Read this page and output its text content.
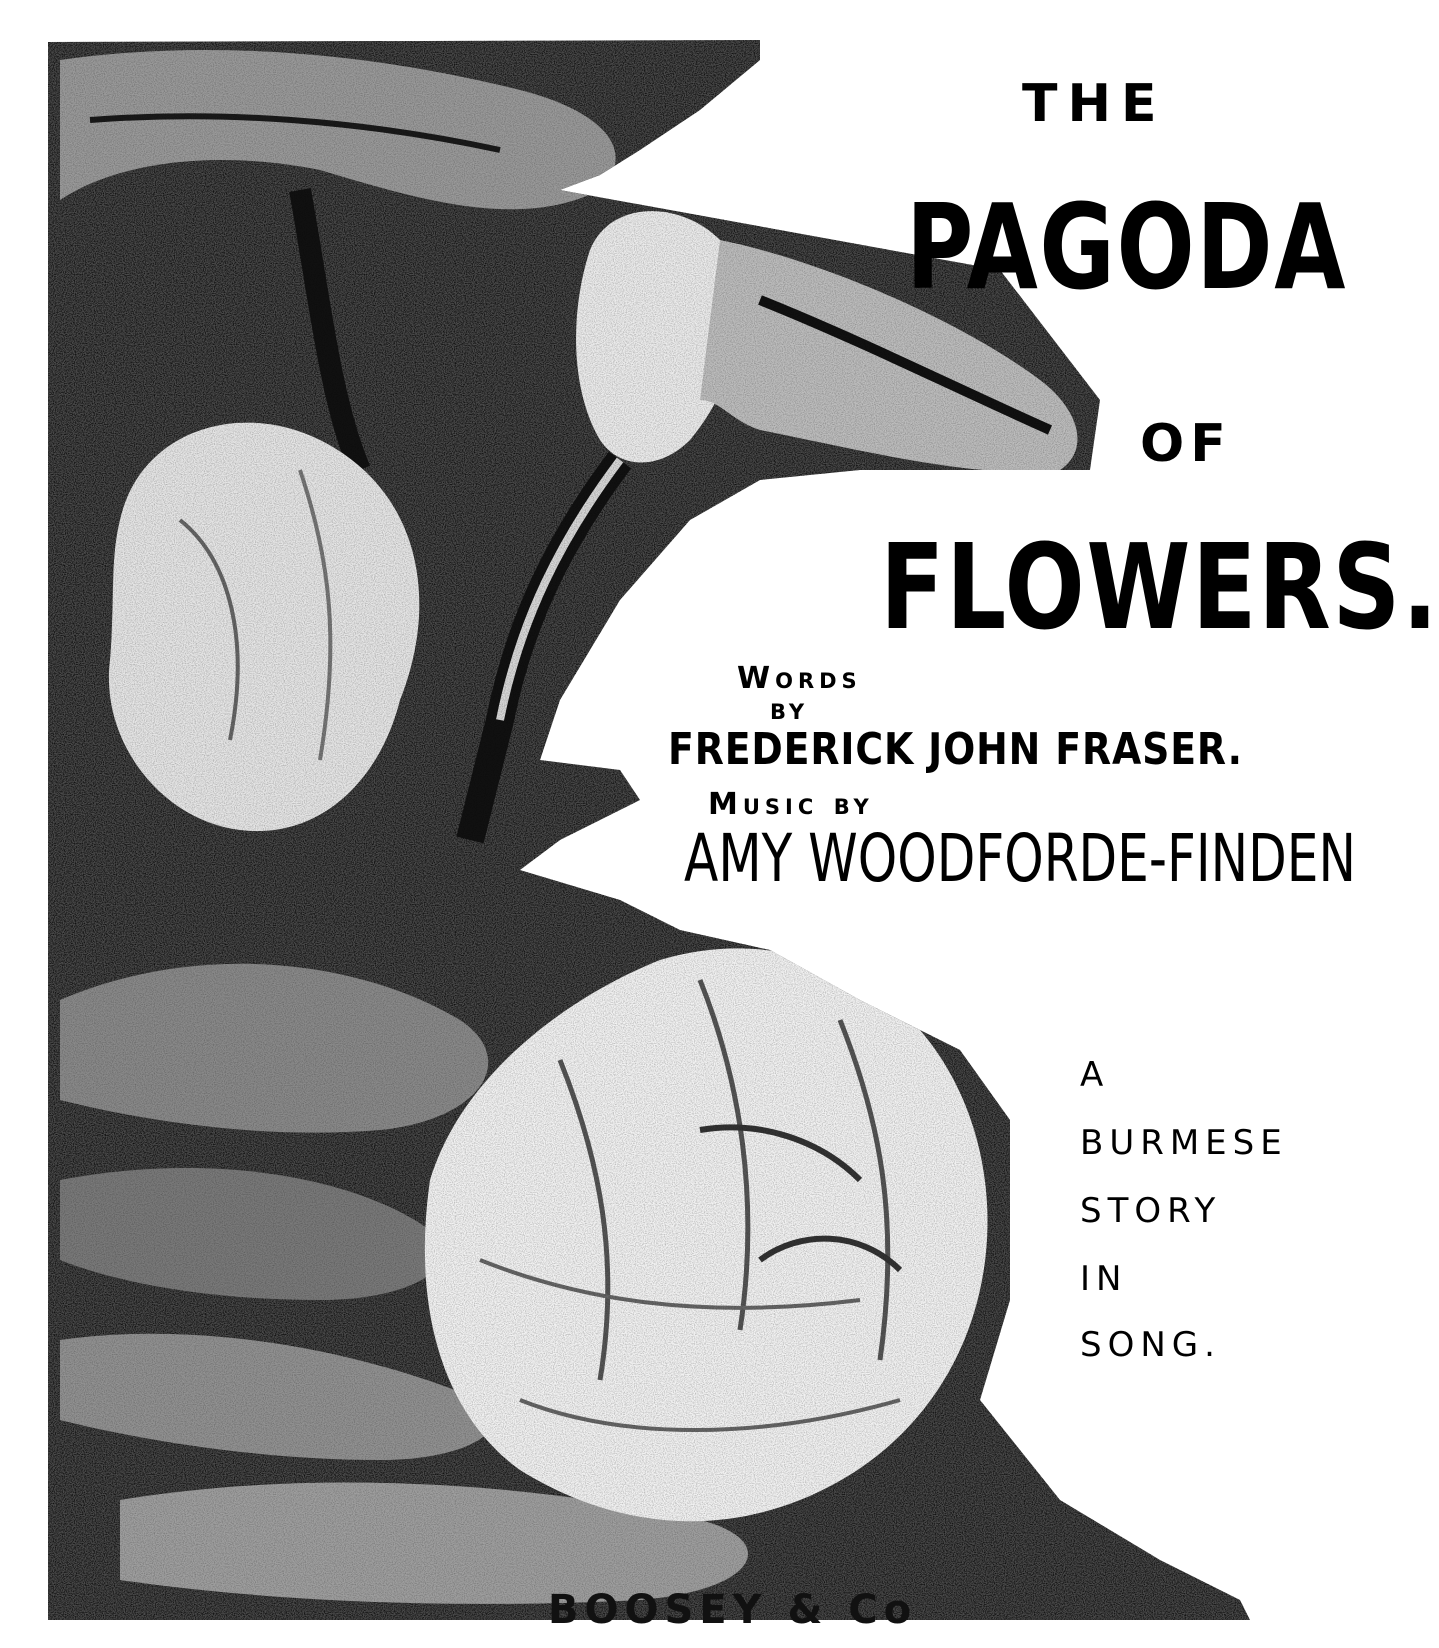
THE
PAGODA
OF
FLOWERS.
Words
BY
FREDERICK JOHN FRASER.
Music by
AMY WOODFORDE-FINDEN
A
BURMESE
STORY
IN
SONG.
BOOSEY & Co
